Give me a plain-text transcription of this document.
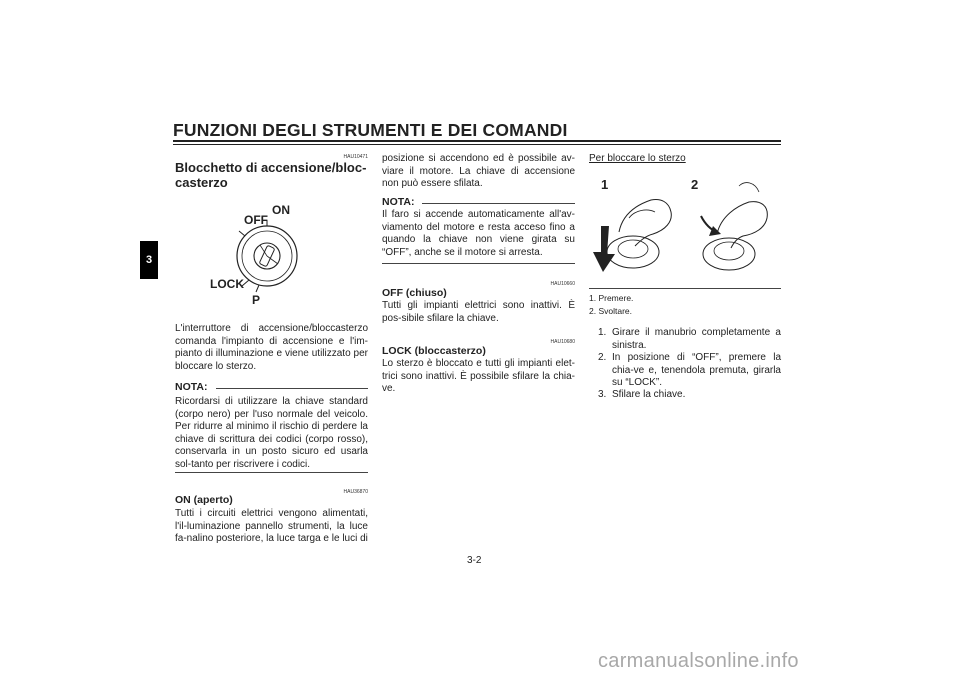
FUNZIONI DEGLI STRUMENTI E DEI COMANDI
3
HAU10471
Blocchetto di accensione/bloc-casterzo
ON
OFF
LOCK
P
L'interruttore di accensione/bloccasterzo comanda l'impianto di accensione e l'im-pianto di illuminazione e viene utilizzato per bloccare lo sterzo.
NOTA:
Ricordarsi di utilizzare la chiave standard (corpo nero) per l'uso normale del veicolo. Per ridurre al minimo il rischio di perdere la chiave di scrittura dei codici (corpo rosso), conservarla in un posto sicuro ed usarla sol-tanto per riscrivere i codici.
HAU36870
ON (aperto)
Tutti i circuiti elettrici vengono alimentati, l'il-luminazione pannello strumenti, la luce fa-nalino posteriore, la luce targa e le luci di
posizione si accendono ed è possibile av-viare il motore. La chiave di accensione non può essere sfilata.
NOTA:
Il faro si accende automaticamente all'av-viamento del motore e resta acceso fino a quando la chiave non viene girata su “OFF”, anche se il motore si arresta.
HAU10660
OFF (chiuso)
Tutti gli impianti elettrici sono inattivi. È pos-sibile sfilare la chiave.
HAU10680
LOCK (bloccasterzo)
Lo sterzo è bloccato e tutti gli impianti elet-trici sono inattivi. È possibile sfilare la chia-ve.
Per bloccare lo sterzo
1	2
1. Premere.
2. Svoltare.
1. Girare il manubrio completamente a sinistra.
2. In posizione di “OFF”, premere la chia-ve e, tenendola premuta, girarla su “LOCK”.
3. Sfilare la chiave.
3-2
carmanualsonline.info
